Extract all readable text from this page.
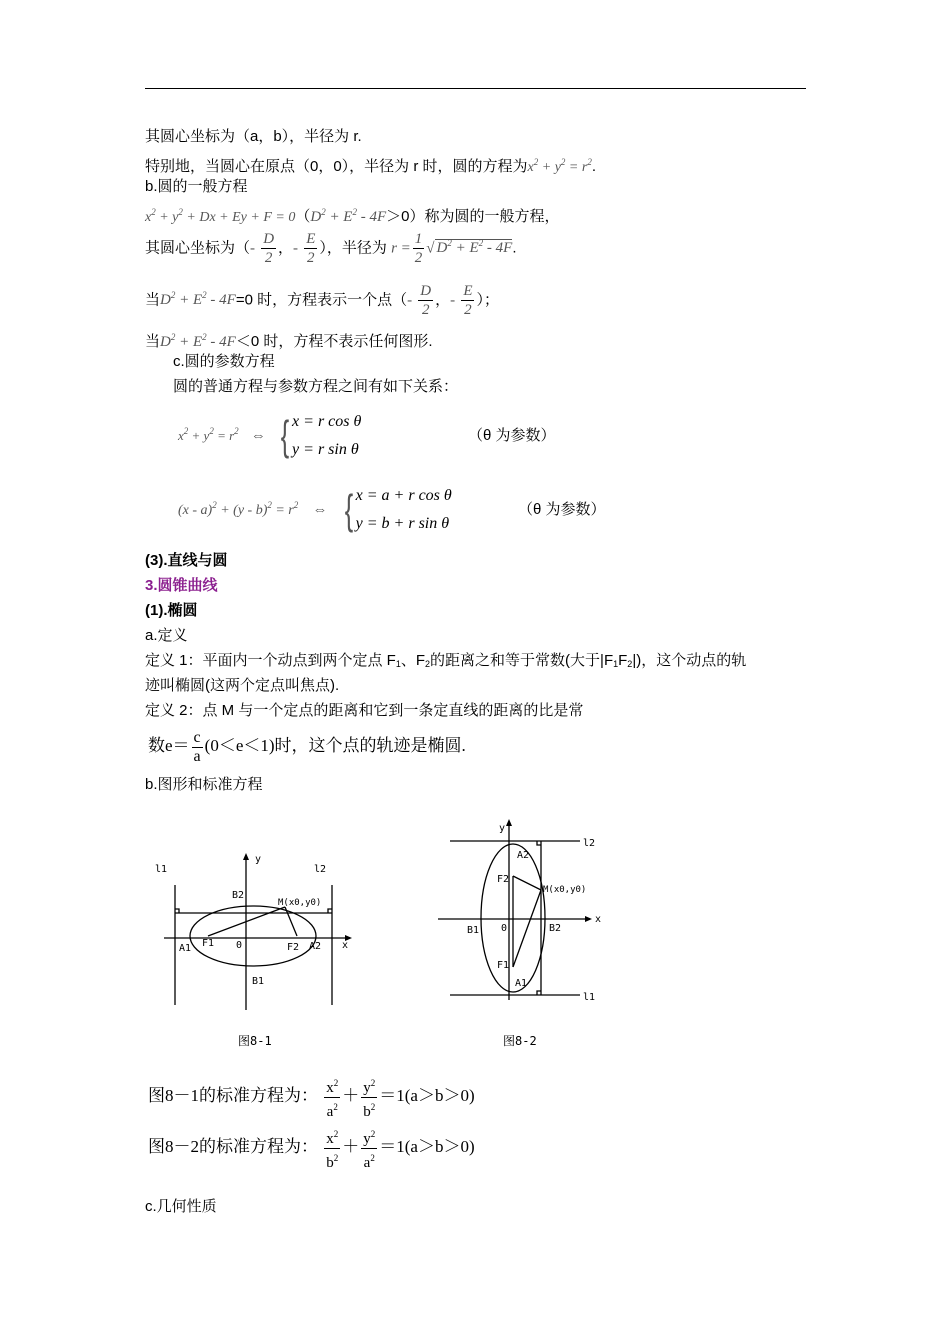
其圆心坐标为（a，b），半径为 r.
特别地，当圆心在原点（0，0），半径为 r 时，圆的方程为$x^2 + y^2 = r^2$.
b.圆的一般方程
$x^2 + y^2 + Dx + Ey + F = 0(D^2 + E^2 - 4F>0)$称为圆的一般方程，
其圆心坐标为（- $\frac{D}{2}$ ，- $\frac{E}{2}$ ），半径为 $r = \frac{1}{2}$ √ $D^2 + E^2 - 4F$.
当$D^2 + E^2 - 4F=0$ 时，方程表示一个点（- $\frac{D}{2}$ ，- $\frac{E}{2}$ ）；
当$D^2 + E^2 - 4F<0$ 时，方程不表示任何图形.
c.圆的参数方程
圆的普通方程与参数方程之间有如下关系：
$x^2 + y^2 = r^2$ ⇔ { x = r cos θ
y = r sin θ
（θ 为参数）
$(x - a)^2 + (y - b)^2 = r^2$ ⇔ { x = a + r cos θ
y = b + r sin θ
（θ 为参数）
(3).直线与圆
3.圆锥曲线
(1).椭圆
a.定义
定义 1：平面内一个动点到两个定点 $F_1$、$F_2$的距离之和等于常数(大于$|F_1F_2|$)，这个动点的轨
迹叫椭圆(这两个定点叫焦点).
定义 2：点 M 与一个定点的距离和它到一条定直线的距离的比是常
数$e= \frac{c}{a} (0<e<1)$时，这个点的轨迹是椭圆.
b.图形和标准方程
l1	l2
y
x
B2
B1
M(x0,y0)
F1	F2
0
A1	A2
图8-1
y
x
l2
l1
A2
A1
F2
F1
B1	B2
0
M(x0,y0)
图8-2
图8－1的标准方程为： $\frac{x^2}{a^2} + \frac{y^2}{b^2} =1(a>b>0)$
图8－2的标准方程为： $\frac{x^2}{b^2} + \frac{y^2}{a^2} =1(a>b>0)$
c.几何性质
